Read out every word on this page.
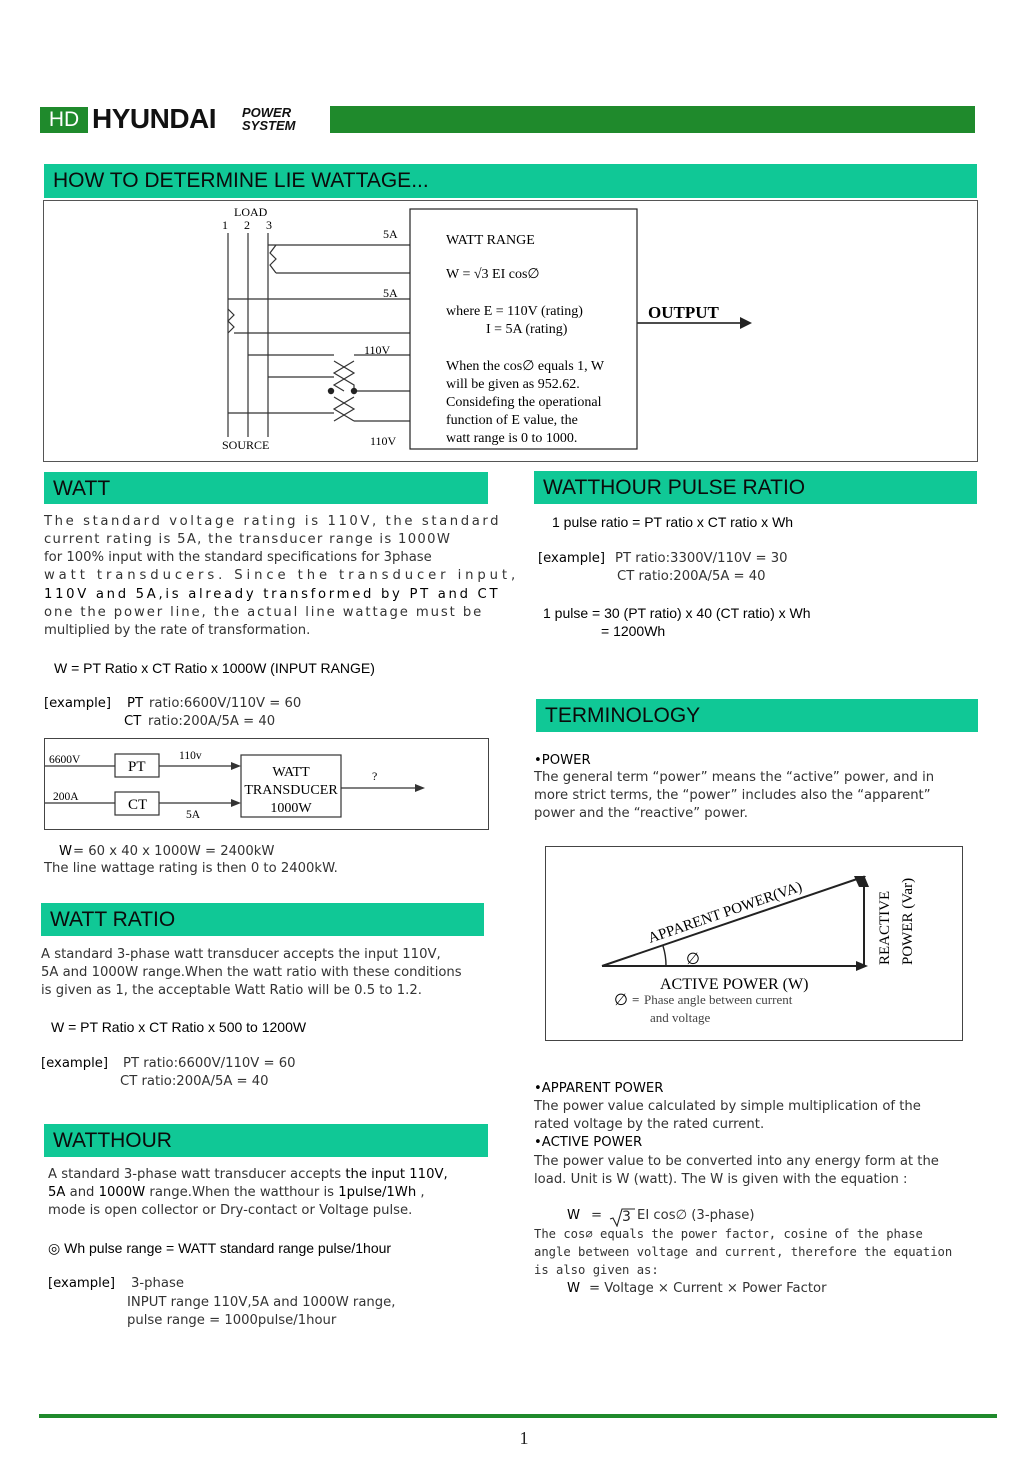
HD HYUNDAI POWER
SYSTEM
HOW TO DETERMINE LIE WATTAGE...
LOAD
1 2 3
SOURCE
5A
5A
110V
110V
WATT RANGE
W = √3 EI cos∅
where E = 110V (rating)
I = 5A (rating)
When the cos∅ equals 1, W
will be given as 952.62.
Considefing the operational
function of E value, the
watt range is 0 to 1000.
OUTPUT
WATT
The standard voltage rating is 110V, the standard
current rating is 5A, the transducer range is 1000W
for 100% input with the standard specifications for 3phase
watt transducers. Since the transducer input,
110V and 5A,is already transformed by PT and CT
one the power line, the actual line wattage must be
multiplied by the rate of transformation.
W = PT Ratio x CT Ratio x 1000W (INPUT RANGE)
[example] PT ratio:6600V/110V = 60
CT ratio:200A/5A = 40
6600V
200A
PT
CT
110v
5A
WATT
TRANSDUCER
1000W
?
W = 60 x 40 x 1000W = 2400kW
The line wattage rating is then 0 to 2400kW.
WATT RATIO
A standard 3-phase watt transducer accepts the input 110V,
5A and 1000W range.When the watt ratio with these conditions
is given as 1, the acceptable Watt Ratio will be 0.5 to 1.2.
W = PT Ratio x CT Ratio x 500 to 1200W
[example] PT ratio:6600V/110V = 60
CT ratio:200A/5A = 40
WATTHOUR
A standard 3-phase watt transducer accepts the input 110V,
5A and 1000W range.When the watthour is 1pulse/1Wh ,
mode is open collector or Dry-contact or Voltage pulse.
◎ Wh pulse range = WATT standard range pulse/1hour
[example] 3-phase
INPUT range 110V,5A and 1000W range,
pulse range = 1000pulse/1hour
WATTHOUR PULSE RATIO
1 pulse ratio = PT ratio x CT ratio x Wh
[example] PT ratio:3300V/110V = 30
CT ratio:200A/5A = 40
1 pulse = 30 (PT ratio) x 40 (CT ratio) x Wh
= 1200Wh
TERMINOLOGY
•POWER
The general term “power” means the “active” power, and in
more strict terms, the “power” includes also the “apparent”
power and the “reactive” power.
APPARENT POWER(VA)	REACTIVE POWER (Var)
∅
ACTIVE POWER (W)
∅ = Phase angle between current
and voltage
•APPARENT POWER
The power value calculated by simple multiplication of the
rated voltage by the rated current.
•ACTIVE POWER
The power value to be converted into any energy form at the
load. Unit is W (watt). The W is given with the equation :
W = 3 EI cos∅ (3-phase)
The cos∅ equals the power factor, cosine of the phase
angle between voltage and current, therefore the equation
is also given as:
W = Voltage × Current × Power Factor
1
